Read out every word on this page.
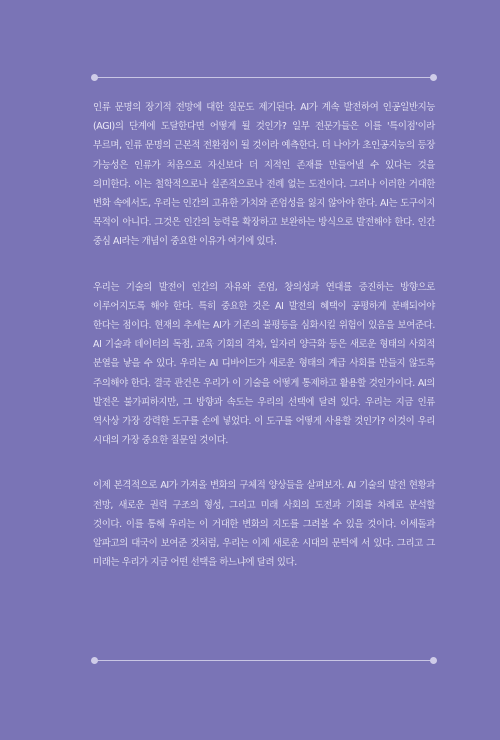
인류 문명의 장기적 전망에 대한 질문도 제기된다. AI가 계속 발전하여 인공일반지능(AGI)의 단계에 도달한다면 어떻게 될 것인가? 일부 전문가들은 이를 '특이점'이라 부르며, 인류 문명의 근본적 전환점이 될 것이라 예측한다. 더 나아가 초인공지능의 등장 가능성은 인류가 처음으로 자신보다 더 지적인 존재를 만들어낼 수 있다는 것을 의미한다. 이는 철학적으로나 실존적으로나 전례 없는 도전이다. 그러나 이러한 거대한 변화 속에서도, 우리는 인간의 고유한 가치와 존엄성을 잃지 않아야 한다. AI는 도구이지 목적이 아니다. 그것은 인간의 능력을 확장하고 보완하는 방식으로 발전해야 한다. 인간 중심 AI라는 개념이 중요한 이유가 여기에 있다.

우리는 기술의 발전이 인간의 자유와 존엄, 창의성과 연대를 증진하는 방향으로 이루어지도록 해야 한다. 특히 중요한 것은 AI 발전의 혜택이 공평하게 분배되어야 한다는 점이다. 현재의 추세는 AI가 기존의 불평등을 심화시킬 위험이 있음을 보여준다. AI 기술과 데이터의 독점, 교육 기회의 격차, 일자리 양극화 등은 새로운 형태의 사회적 분열을 낳을 수 있다. 우리는 AI 디바이드가 새로운 형태의 계급 사회를 만들지 않도록 주의해야 한다. 결국 관건은 우리가 이 기술을 어떻게 통제하고 활용할 것인가이다. AI의 발전은 불가피하지만, 그 방향과 속도는 우리의 선택에 달려 있다. 우리는 지금 인류 역사상 가장 강력한 도구를 손에 넣었다. 이 도구를 어떻게 사용할 것인가? 이것이 우리 시대의 가장 중요한 질문일 것이다.

이제 본격적으로 AI가 가져올 변화의 구체적 양상들을 살펴보자. AI 기술의 발전 현황과 전망, 새로운 권력 구조의 형성, 그리고 미래 사회의 도전과 기회를 차례로 분석할 것이다. 이를 통해 우리는 이 거대한 변화의 지도를 그려볼 수 있을 것이다. 이세돌과 알파고의 대국이 보여준 것처럼, 우리는 이제 새로운 시대의 문턱에 서 있다. 그리고 그 미래는 우리가 지금 어떤 선택을 하느냐에 달려 있다.
